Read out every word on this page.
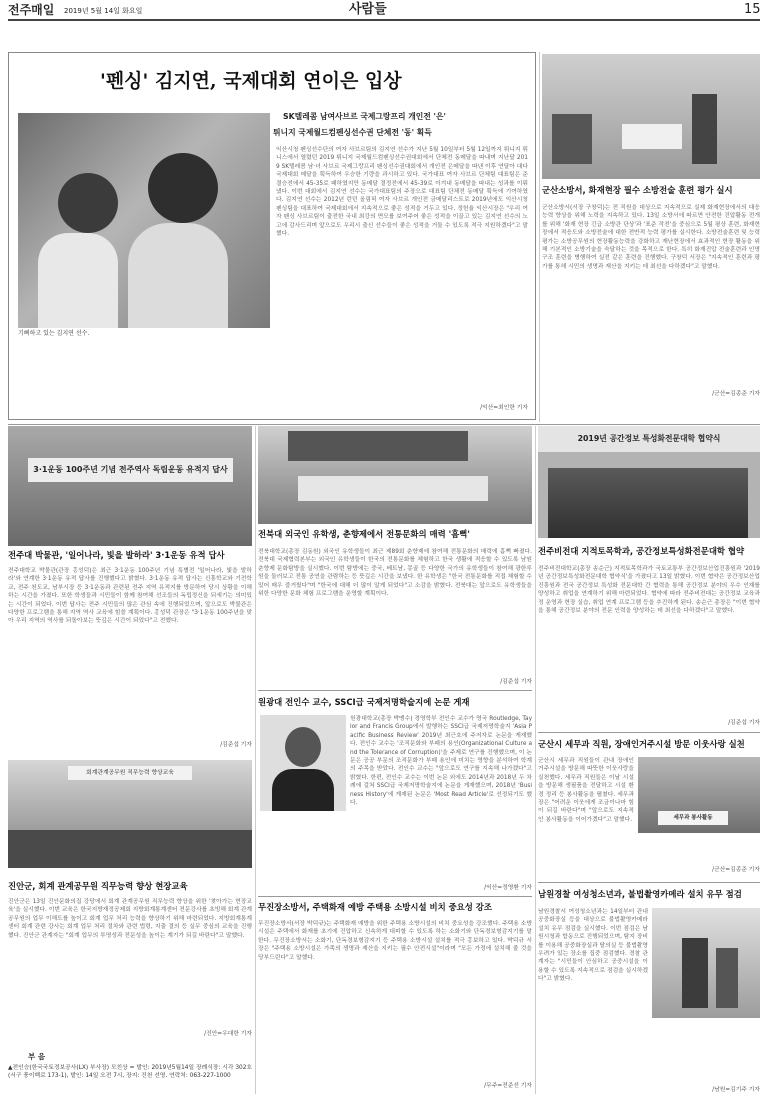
전주매일 2019년 5월 14일 화요일	사람들	15
'펜싱' 김지연, 국제대회 연이은 입상
SK텔레콤 남여사브르 국제그랑프리 개인전 '은'
튀니지 국제월드컴펜싱선수권 단체전 '동' 획득
기뻐하고 있는 김지연 선수.
익산시청 펜싱선수단의 여자 사브르팀의 김지연 선수가 지난 5월 10일부터 5월 12일까지 튀니지 튀니스에서 열렸던 2019 튀니지 국제월드컴펜싱선수권대회에서 단체전 동메달을 따내며 지난달 2019 SK텔레콤 남·녀 사브르 국제그랑프리 펜싱선수권대회에서 개인전 은메달을 따낸 이후 연달아 대다 국제대회 메달을 획득하여 우승한 기량을 과시하고 있다. 국가대표 여자 사브르 단체팀 대표팀은 준결승전에서 45-35로 패하였지만 동메달 결정전에서 45-39로 이겨내 동메달을 따내는 성과를 이뤄냈다. 이번 대회에서 김지연 선수는 국가대표팀의 주장으로 대표팀 단체전 동메달 획득에 기여하였다. 김지연 선수는 2012년 런던 올림픽 여자 사브르 개인전 금메달리스트로 2019년에도 익산시청 펜싱팀을 대표하여 국제대회에서 지속적으로 좋은 성적을 거두고 있다. 정헌율 익산시장은 "우리 여자 펜싱 사브르팀이 출전한 국내 최강의 면모를 보여주어 좋은 성적을 이끌고 있는 김지연 선수의 노고에 감사드리며 앞으로도 우리시 출신 선수들이 좋은 성적을 거둘 수 있도록 적극 지원하겠다"고 말했다.
/익산=최인한 기자
군산소방서, 화재현장 필수 소방전술 훈련 평가 실시
군산소방서(서장 구창덕)는 전 직원을 대상으로 지속적으로 실제 화재현장에서의 대응 능력 향상을 위해 노력을 지속하고 있다. 13일 소방서에 따르면 안전한 진압활동 전개를 위해 '화재 현장 긴급 소방관 단상'과 '표준 작전'을 중심으로 5월 평상 훈련, 화재현장에서 적응도와 소방전술에 대한 전반적 능력 평가를 실시한다. 소방전술훈련 및 능력평가는 소방공무원의 현장활동능력을 강화하고 재난현장에서 효과적인 현장 활동을 위해 기본적인 소방기술을 숙달하는 것을 목적으로 한다. 특히 화재진압 전술훈련과 인명구조 훈련을 병행하여 실전 같은 훈련을 진행했다. 구창덕 서장은 "지속적인 훈련과 평가를 통해 시민의 생명과 재산을 지키는 데 최선을 다하겠다"고 말했다.
/군산=김종준 기자
3·1운동 100주년 기념 전주역사 독립운동 유적지 답사
전주대 박물관, '일어나라, 빛을 발하라' 3·1운동 유적 답사
전주대학교 박물관(관장 홍성덕)은 최근 3·1운동 100주년 기념 특별전 '일어나라, 빛을 발하라'와 연계한 3·1운동 유적 답사를 진행했다고 밝혔다. 3·1운동 유적 답사는 신흥학교와 기전학교, 전주 천도교, 남부시장 등 3·1운동과 관련된 전주 지역 유적지를 방문하여 당시 상황을 이해하는 시간을 가졌다. 또한 학생들과 시민들이 함께 참여해 선조들의 독립정신을 되새기는 의미있는 시간이 되었다. 이번 답사는 전주 시민들의 많은 관심 속에 진행되었으며, 앞으로도 박물관은 다양한 프로그램을 통해 지역 역사 교육에 힘쓸 계획이다. 홍성덕 관장은 "3·1운동 100주년을 맞아 우리 지역의 역사를 되돌아보는 뜻깊은 시간이 되었다"고 전했다.
/김준섭 기자
전북대 외국인 유학생, 춘향제에서 전통문화의 매력 '흠뻑'
전북대학교(총장 김동원) 외국인 유학생들이 최근 제89회 춘향제에 참여해 전통문화의 매력에 흠뻑 빠졌다. 전북대 국제협력본부는 외국인 유학생들이 한국의 전통문화를 체험하고 한국 생활에 적응할 수 있도록 남원 춘향제 문화탐방을 실시했다. 이번 탐방에는 중국, 베트남, 몽골 등 다양한 국가의 유학생들이 참여해 광한루원을 둘러보고 전통 공연을 관람하는 등 뜻깊은 시간을 보냈다. 한 유학생은 "한국 전통문화를 직접 체험할 수 있어 매우 즐거웠다"며 "한국에 대해 더 많이 알게 되었다"고 소감을 밝혔다. 전북대는 앞으로도 유학생들을 위한 다양한 문화 체험 프로그램을 운영할 계획이다.
/김준섭 기자
2019년 공간정보 특성화전문대학 협약식
전주비전대 지적토목학과, 공간정보특성화전문대학 협약
전주비전대학교(총장 송순근) 지적토목학과가 국토교통부 공간정보산업진흥원과 '2019년 공간정보특성화전문대학 협약식'을 가졌다고 13일 밝혔다. 이번 협약은 공간정보산업진흥원과 전국 공간정보 특성화 전문대학 간 협력을 통해 공간정보 분야의 우수 인재를 양성하고 취업을 연계하기 위해 마련되었다. 협약에 따라 전주비전대는 공간정보 교육과정 운영과 현장 실습, 취업 연계 프로그램 등을 추진하게 된다. 송순근 총장은 "이번 협약을 통해 공간정보 분야의 전문 인력을 양성하는 데 최선을 다하겠다"고 말했다.
/김준섭 기자
회계관계공무원 직무능력 향상교육
진안군, 회계 관계공무원 직무능력 향상 현장교육
진안군은 13일 진안문화의집 강당에서 회계 관계공무원 직무능력 향상을 위한 '찾아가는 현장교육'을 실시했다. 이번 교육은 한국지방재정공제회 지방회계통계센터 전문강사를 초빙해 회계 관계공무원의 업무 이해도를 높이고 회계 업무 처리 능력을 향상하기 위해 마련되었다. 지방회계통계센터 회계 관련 강사는 회계 업무 처리 절차와 관련 법령, 지출 결의 등 실무 중심의 교육을 진행했다. 진안군 관계자는 "회계 업무의 투명성과 전문성을 높이는 계기가 되길 바란다"고 말했다.
/진안=우대한 기자
부 음
▲전인승(한국국토정보공사(LX) 부사장) 모친상 = 발인: 2019년5월14일 장례식장: 시각 302호(서구 풍이백로 173-1), 발인: 14일 오전 7시, 장지: 진천 선영. 연락처: 063-227-1000
원광대 전인수 교수, SSCI급 국제저명학술지에 논문 게재
원광대학교(총장 박맹수) 경영학부 전인수 교수가 영국 Routledge, Taylor and Francis Group에서 발행하는 SSCI급 국제저명학술지 'Asia Pacific Business Review' 2019년 최근호에 주저자로 논문을 게재했다. 전인수 교수는 '조직문화와 부패의 용인(Organizational Culture and the Tolerance of Corruption)'을 주제로 연구를 진행했으며, 이 논문은 공공 부문의 조직문화가 부패 용인에 미치는 영향을 분석하여 학계의 주목을 받았다. 전인수 교수는 "앞으로도 연구를 지속해 나가겠다"고 밝혔다. 한편, 전인수 교수는 이번 논문 외에도 2014년과 2018년 두 차례에 걸쳐 SSCI급 국제저명학술지에 논문을 게재했으며, 2018년 'Business History'에 게재된 논문은 'Most Read Article'로 선정되기도 했다.
/익산=정영환 기자
무진장소방서, 주택화재 예방 주택용 소방시설 비치 중요성 강조
무진장소방서(서장 박덕규)는 주택화재 예방을 위한 주택용 소방시설의 비치 중요성을 강조했다. 주택용 소방시설은 주택에서 화재를 초기에 진압하고 신속하게 대피할 수 있도록 하는 소화기와 단독경보형감지기를 말한다. 무진장소방서는 소화기, 단독경보형감지기 등 주택용 소방시설 설치를 적극 홍보하고 있다. 박덕규 서장은 "주택용 소방시설은 가족의 생명과 재산을 지키는 필수 안전시설"이라며 "모든 가정에 설치해 줄 것을 당부드린다"고 말했다.
/무주=전준선 기자
군산시 세무과 직원, 장애인거주시설 방문 이웃사랑 실천
군산시 세무과 직원들이 관내 장애인거주시설을 방문해 따뜻한 이웃사랑을 실천했다. 세무과 직원들은 이날 시설을 방문해 생필품을 전달하고 시설 환경 정리 등 봉사활동을 펼쳤다. 세무과장은 "어려운 이웃에게 조금이나마 힘이 되길 바란다"며 "앞으로도 지속적인 봉사활동을 이어가겠다"고 말했다.	세무과 봉사활동
/군산=김종준 기자
남원경찰 여성청소년과, 불법촬영카메라 설치 유무 점검
남원경찰서 여성청소년과는 14일부터 관내 공중화장실 등을 대상으로 불법촬영카메라 설치 유무 점검을 실시했다. 이번 점검은 남원시청과 합동으로 진행되었으며, 탐지 장비를 이용해 공중화장실과 탈의실 등 불법촬영 우려가 있는 장소를 집중 점검했다. 경찰 관계자는 "시민들이 안심하고 공중시설을 이용할 수 있도록 지속적으로 점검을 실시하겠다"고 밝혔다.
/남원=김기주 기자
